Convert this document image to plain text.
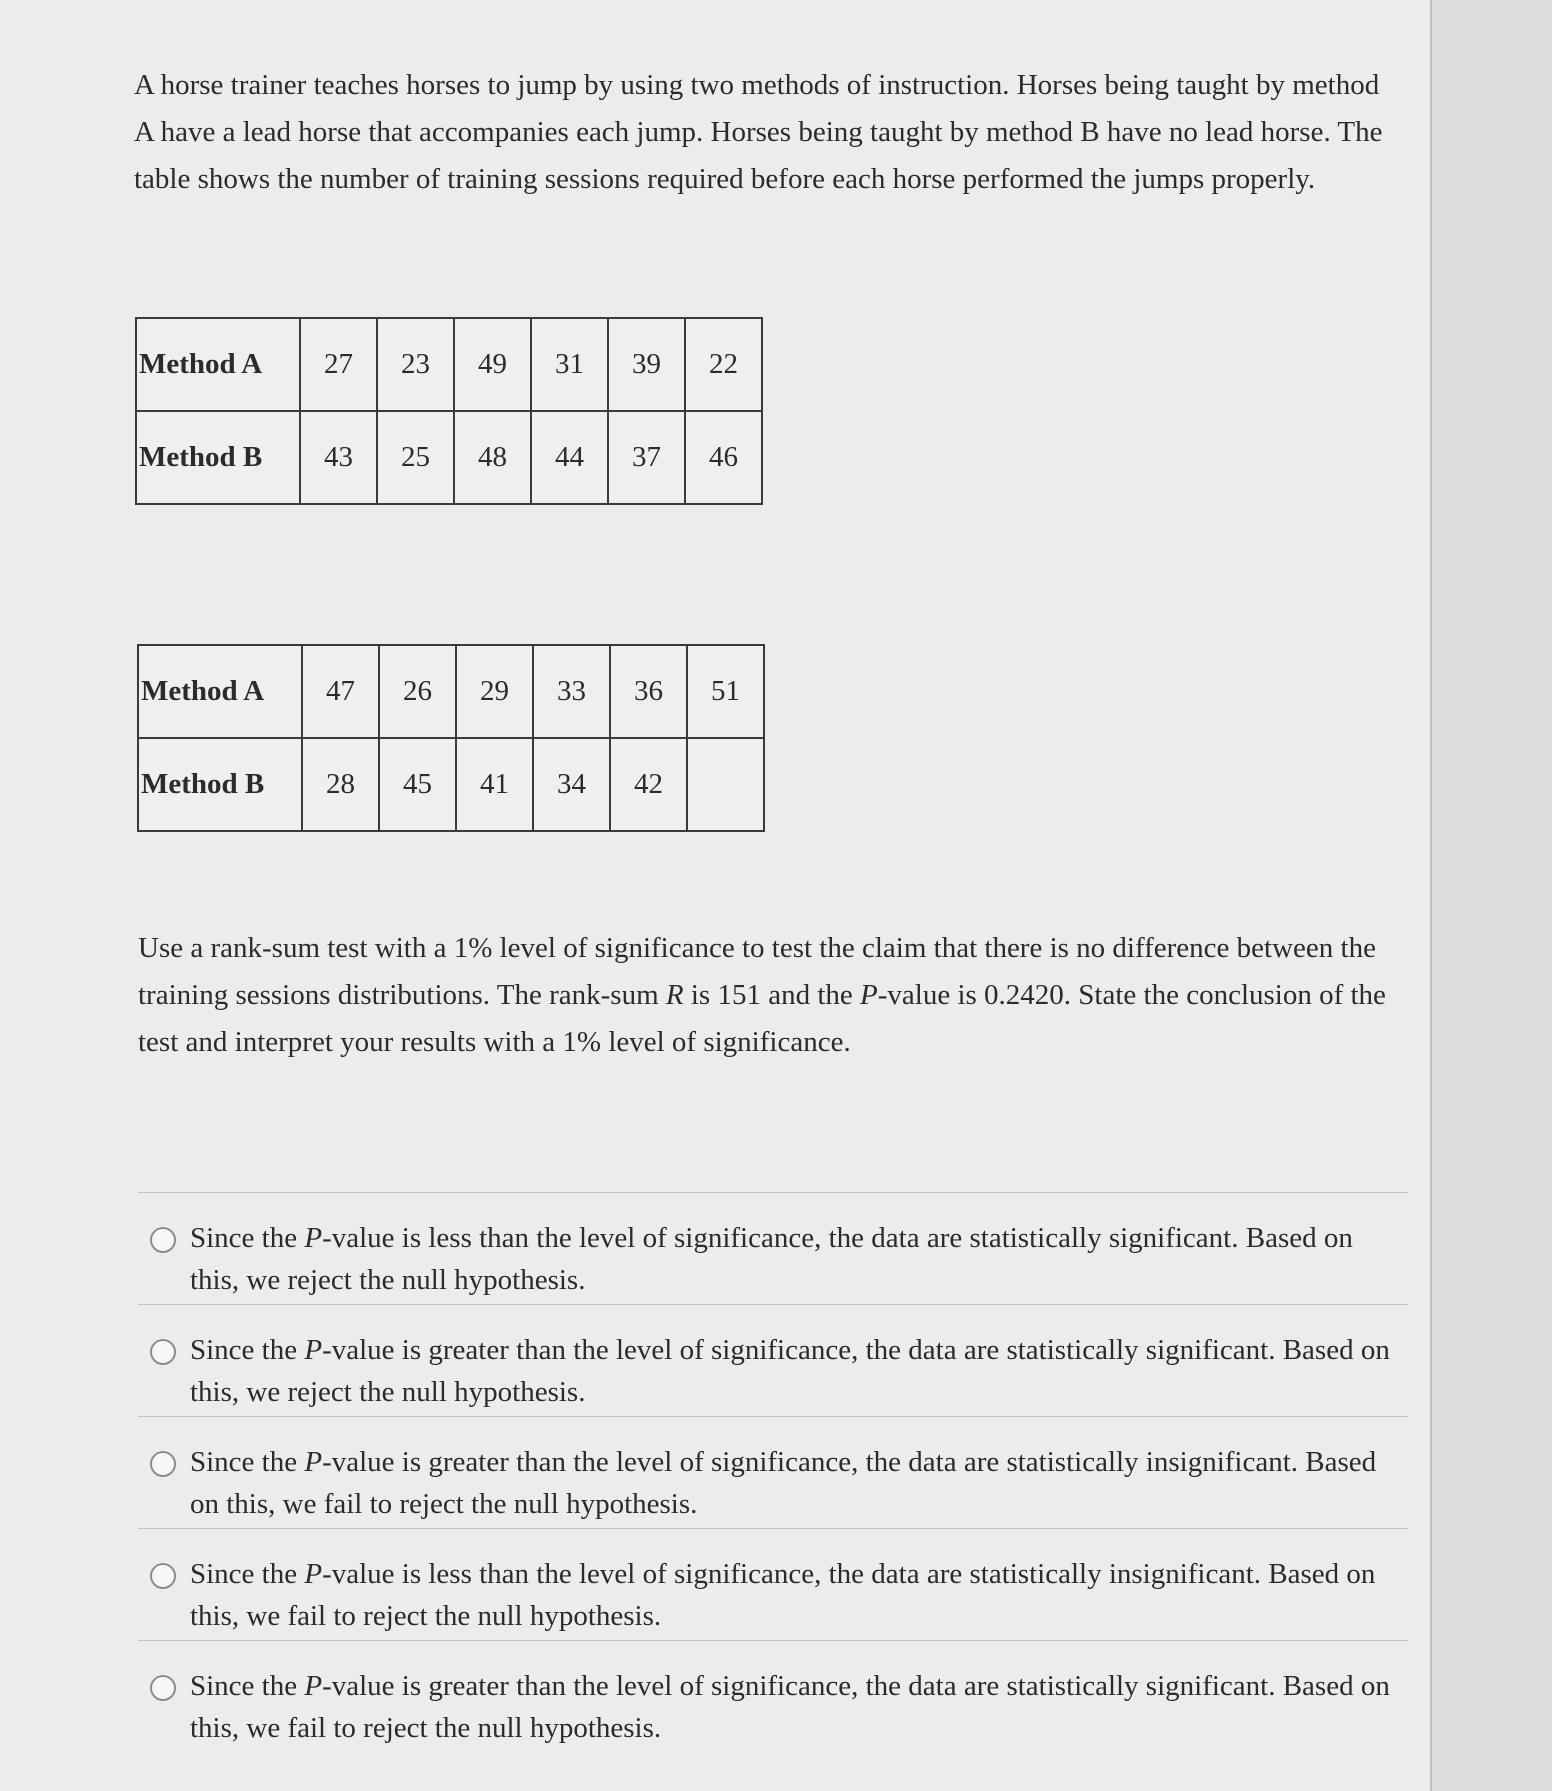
A horse trainer teaches horses to jump by using two methods of instruction. Horses being taught by method A have a lead horse that accompanies each jump. Horses being taught by method B have no lead horse. The table shows the number of training sessions required before each horse performed the jumps properly.

Method A	27	23	49	31	39	22
Method B	43	25	48	44	37	46
Method A	47	26	29	33	36	51
Method B	28	45	41	34	42	

Use a rank-sum test with a 1% level of significance to test the claim that there is no difference between the training sessions distributions. The rank-sum R is 151 and the P-value is 0.2420. State the conclusion of the test and interpret your results with a 1% level of significance.

Since the P-value is less than the level of significance, the data are statistically significant. Based on this, we reject the null hypothesis.
Since the P-value is greater than the level of significance, the data are statistically significant. Based on this, we reject the null hypothesis.
Since the P-value is greater than the level of significance, the data are statistically insignificant. Based on this, we fail to reject the null hypothesis.
Since the P-value is less than the level of significance, the data are statistically insignificant. Based on this, we fail to reject the null hypothesis.
Since the P-value is greater than the level of significance, the data are statistically significant. Based on this, we fail to reject the null hypothesis.
